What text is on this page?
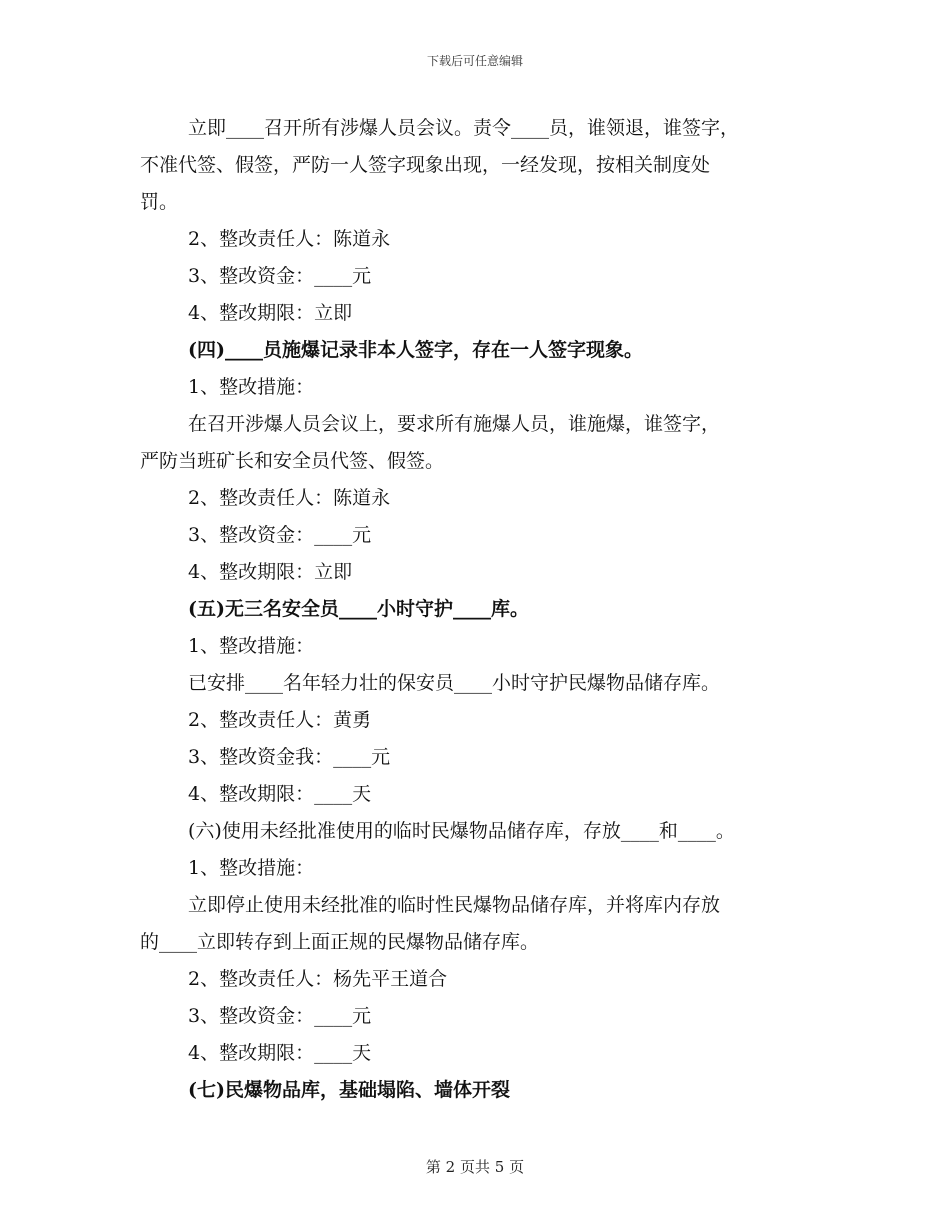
下载后可任意编辑

立即____召开所有涉爆人员会议。责令____员，谁领退，谁签字，

不准代签、假签，严防一人签字现象出现，一经发现，按相关制度处

罚。

2、整改责任人：陈道永

3、整改资金：____元

4、整改期限：立即

(四)____员施爆记录非本人签字，存在一人签字现象。

1、整改措施：

在召开涉爆人员会议上，要求所有施爆人员，谁施爆，谁签字，

严防当班矿长和安全员代签、假签。

2、整改责任人：陈道永

3、整改资金：____元

4、整改期限：立即

(五)无三名安全员____小时守护____库。

1、整改措施：

已安排____名年轻力壮的保安员____小时守护民爆物品储存库。

2、整改责任人：黄勇

3、整改资金我：____元

4、整改期限：____天

(六)使用未经批准使用的临时民爆物品储存库，存放____和____。

1、整改措施：

立即停止使用未经批准的临时性民爆物品储存库，并将库内存放

的____立即转存到上面正规的民爆物品储存库。

2、整改责任人：杨先平王道合

3、整改资金：____元

4、整改期限：____天

(七)民爆物品库，基础塌陷、墙体开裂

第 2 页共 5 页
